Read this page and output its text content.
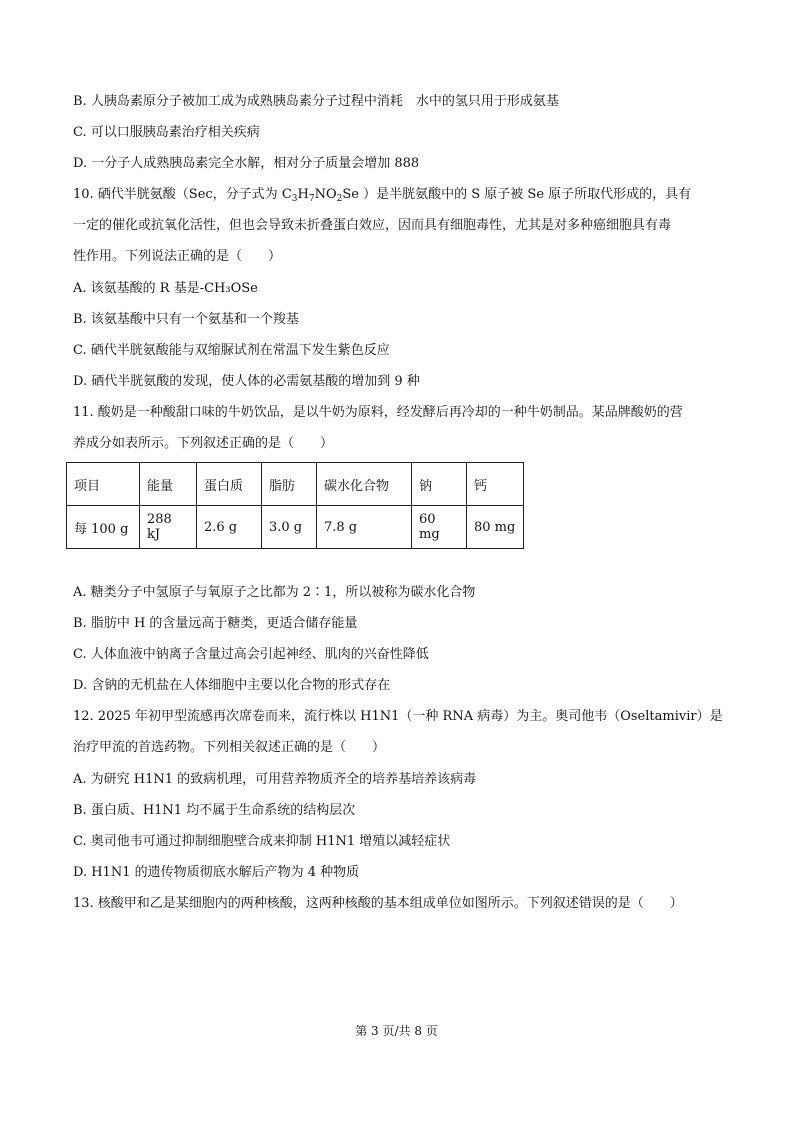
B. 人胰岛素原分子被加工成为成熟胰岛素分子过程中消耗　水中的氢只用于形成氨基
C. 可以口服胰岛素治疗相关疾病
D. 一分子人成熟胰岛素完全水解，相对分子质量会增加 888
10. 硒代半胱氨酸（Sec，分子式为 $C_3H_7NO_2Se$ ）是半胱氨酸中的 S 原子被 Se 原子所取代形成的，具有
一定的催化或抗氧化活性，但也会导致未折叠蛋白效应，因而具有细胞毒性，尤其是对多种癌细胞具有毒
性作用。下列说法正确的是（　　）
A. 该氨基酸的 R 基是-CH₃OSe
B. 该氨基酸中只有一个氨基和一个羧基
C. 硒代半胱氨酸能与双缩脲试剂在常温下发生紫色反应
D. 硒代半胱氨酸的发现，使人体的必需氨基酸的增加到 9 种
11. 酸奶是一种酸甜口味的牛奶饮品，是以牛奶为原料，经发酵后再冷却的一种牛奶制品。某品牌酸奶的营
养成分如表所示。下列叙述正确的是（　　）
项目	能量	蛋白质	脂肪	碳水化合物	钠	钙
每 100 g	288 kJ	2.6 g	3.0 g	7.8 g	60 mg	80 mg
A. 糖类分子中氢原子与氧原子之比都为 2∶1，所以被称为碳水化合物
B. 脂肪中 H 的含量远高于糖类，更适合储存能量
C. 人体血液中钠离子含量过高会引起神经、肌肉的兴奋性降低
D. 含钠的无机盐在人体细胞中主要以化合物的形式存在
12. 2025 年初甲型流感再次席卷而来，流行株以 H1N1（一种 RNA 病毒）为主。奥司他韦（Oseltamivir）是
治疗甲流的首选药物。下列相关叙述正确的是（　　）
A. 为研究 H1N1 的致病机理，可用营养物质齐全的培养基培养该病毒
B. 蛋白质、H1N1 均不属于生命系统的结构层次
C. 奥司他韦可通过抑制细胞壁合成来抑制 H1N1 增殖以减轻症状
D. H1N1 的遗传物质彻底水解后产物为 4 种物质
13. 核酸甲和乙是某细胞内的两种核酸，这两种核酸的基本组成单位如图所示。下列叙述错误的是（　　）
第 3 页/共 8 页
